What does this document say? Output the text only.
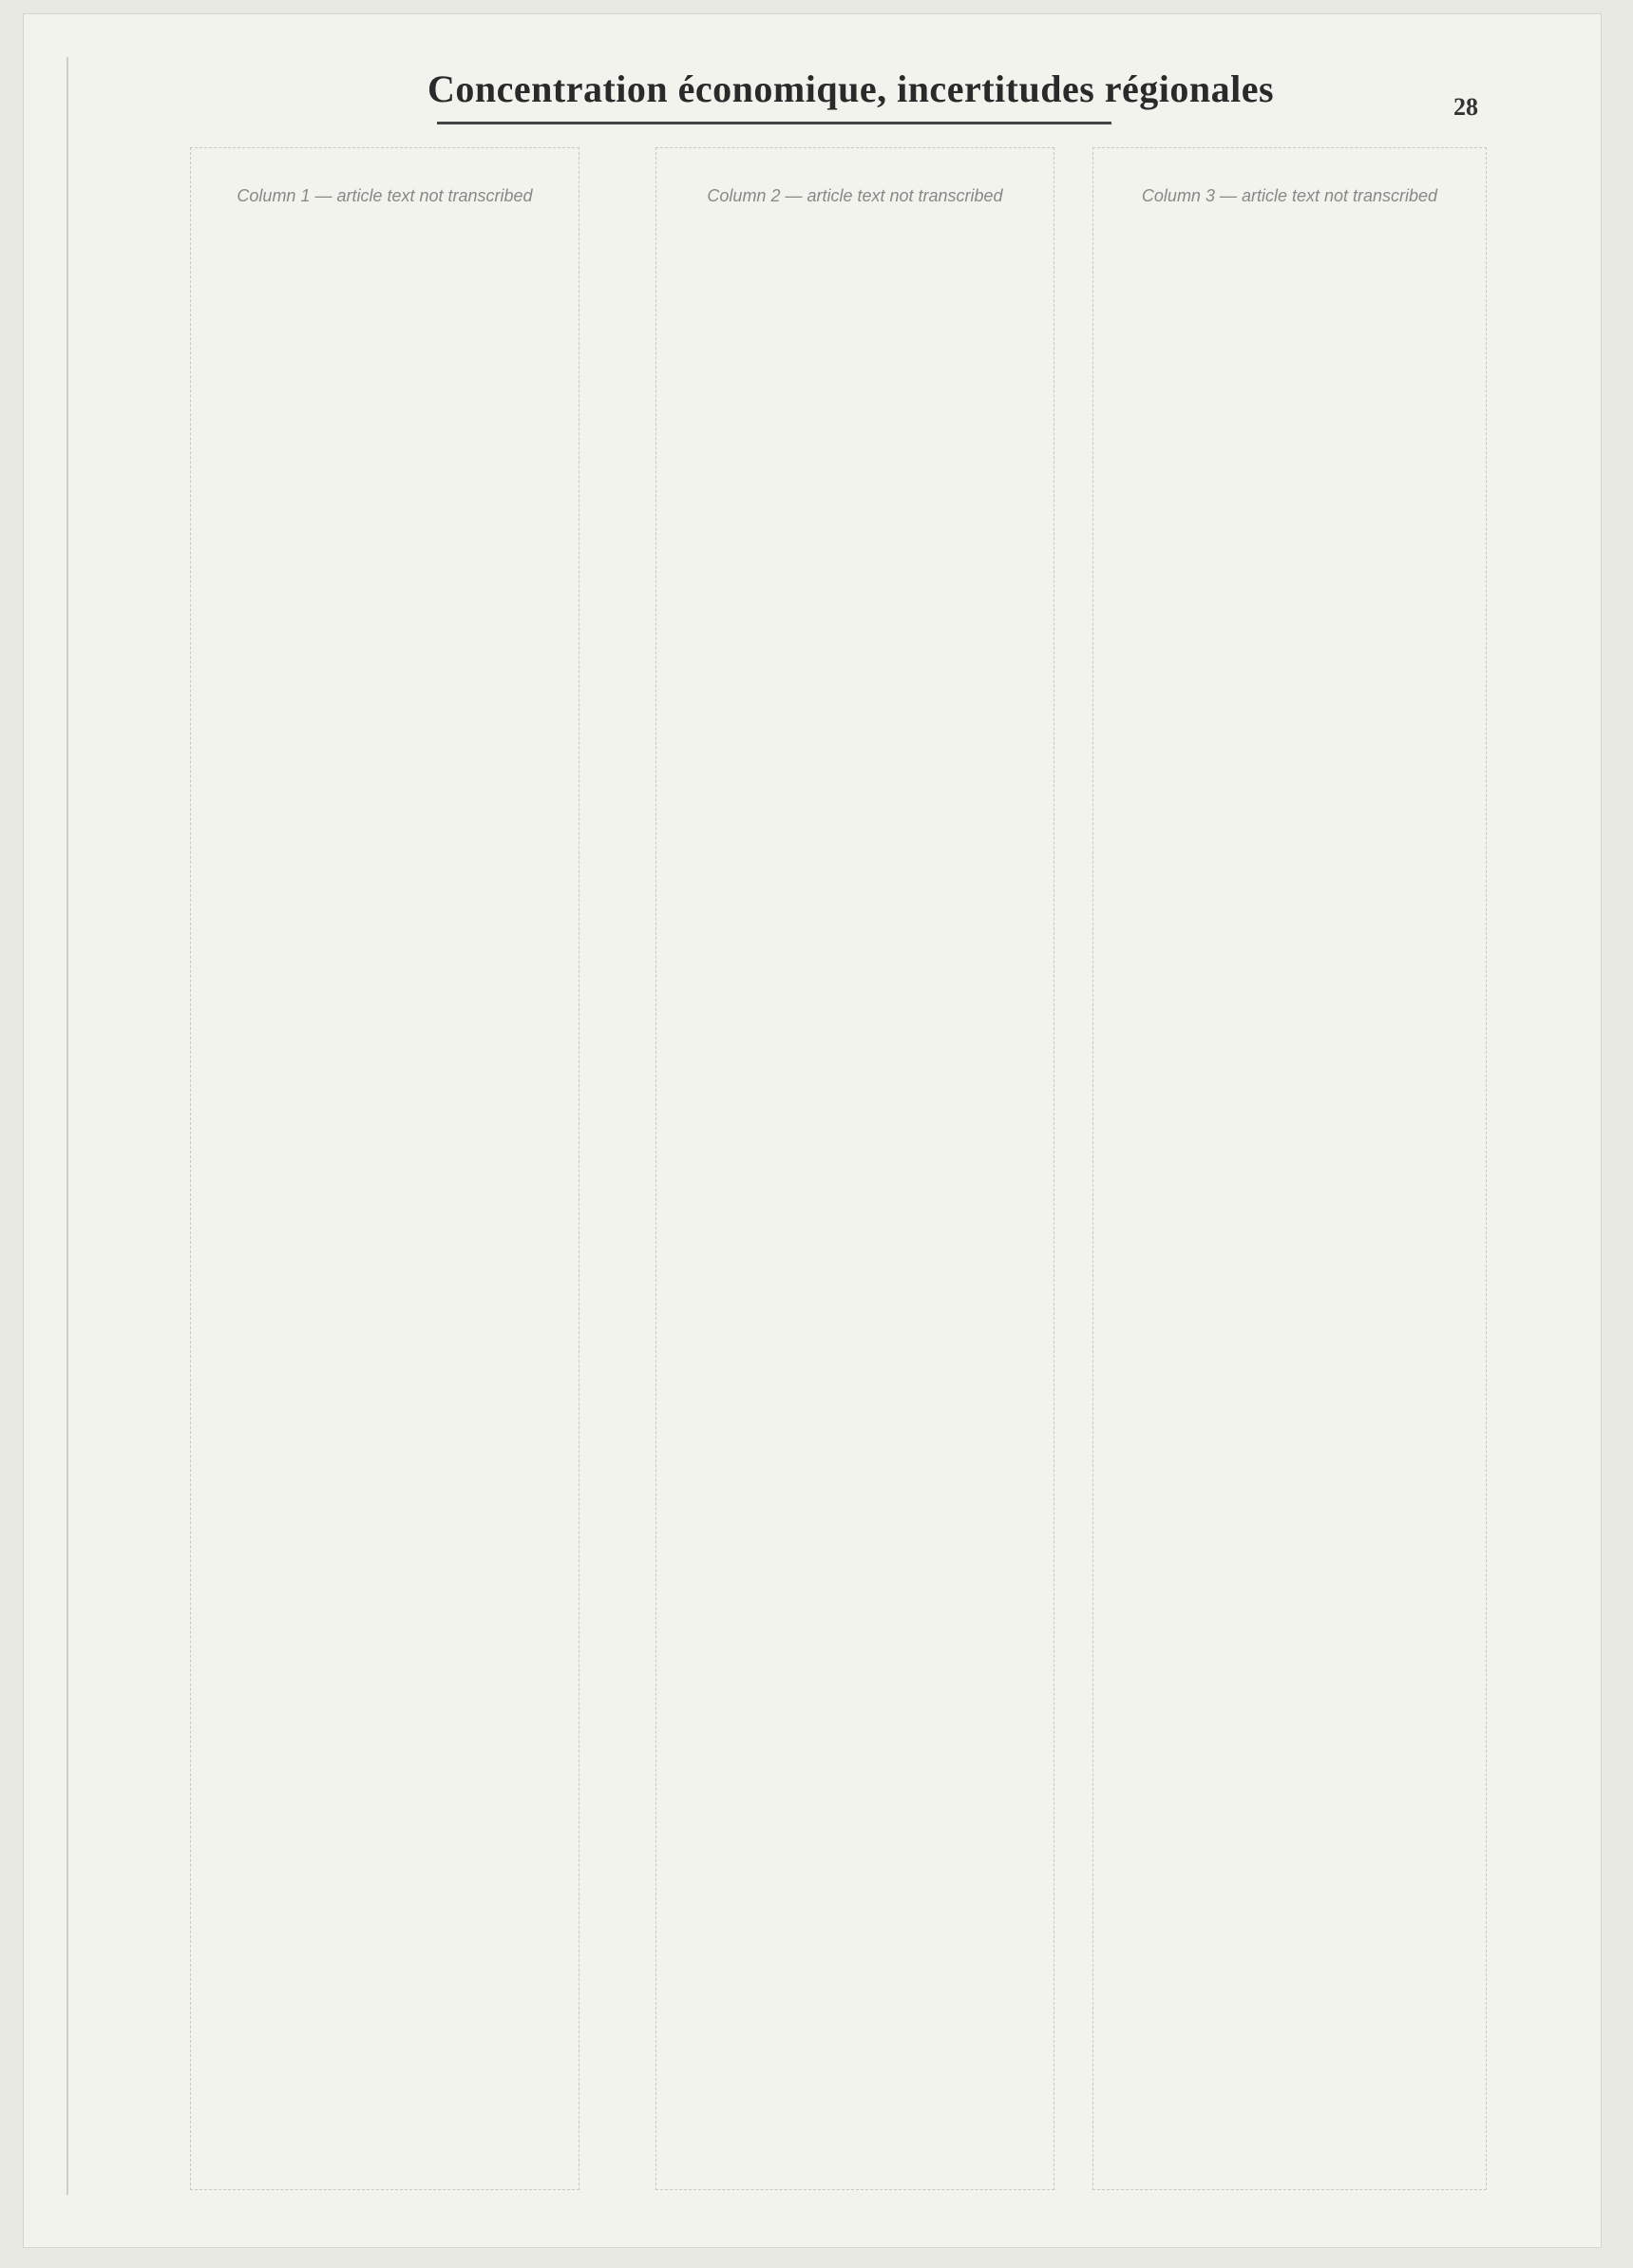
Concentration économique, incertitudes régionales	28
Column 1 — article text not transcribed	Column 2 — article text not transcribed	Column 3 — article text not transcribed
